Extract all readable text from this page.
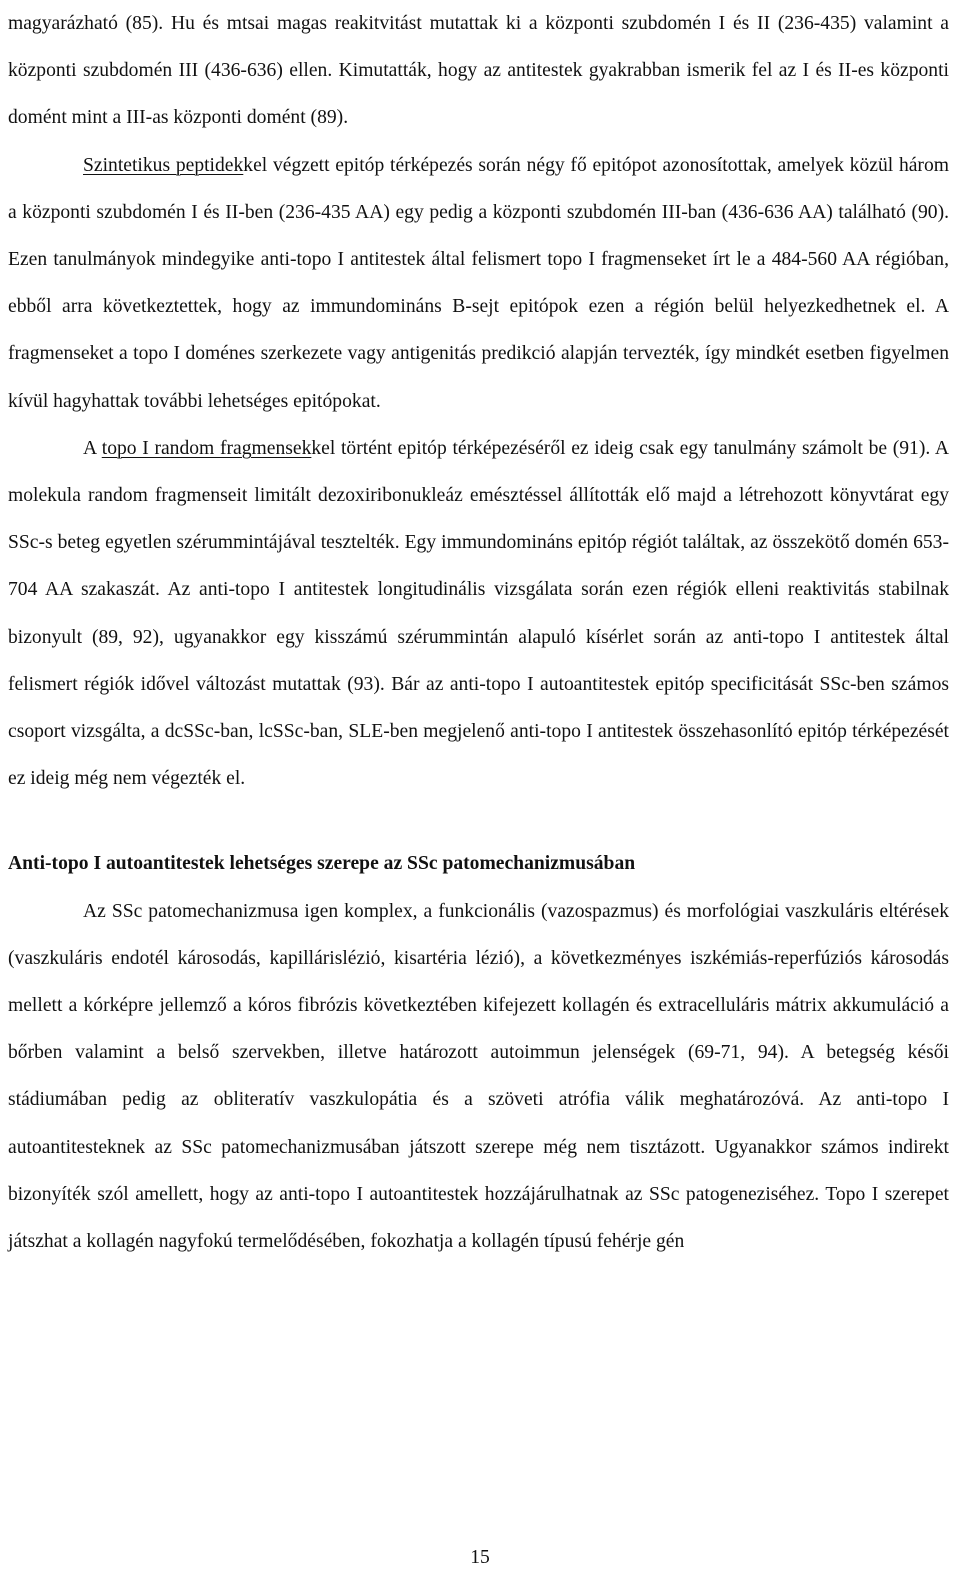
magyarázható (85). Hu és mtsai magas reakitvitást mutattak ki a központi szubdomén I és II (236-435) valamint a központi szubdomén III (436-636) ellen. Kimutatták, hogy az antitestek gyakrabban ismerik fel az I és II-es központi domént mint a III-as központi domént (89).

Szintetikus peptidekkel végzett epitóp térképezés során négy fő epitópot azonosítottak, amelyek közül három a központi szubdomén I és II-ben (236-435 AA) egy pedig a központi szubdomén III-ban (436-636 AA) található (90). Ezen tanulmányok mindegyike anti-topo I antitestek által felismert topo I fragmenseket írt le a 484-560 AA régióban, ebből arra következtettek, hogy az immundomináns B-sejt epitópok ezen a régión belül helyezkedhetnek el. A fragmenseket a topo I doménes szerkezete vagy antigenitás predikció alapján tervezték, így mindkét esetben figyelmen kívül hagyhattak további lehetséges epitópokat.

A topo I random fragmensekkel történt epitóp térképezéséről ez ideig csak egy tanulmány számolt be (91). A molekula random fragmenseit limitált dezoxiribonukleáz emésztéssel állították elő majd a létrehozott könyvtárat egy SSc-s beteg egyetlen szérummintájával tesztelték. Egy immundomináns epitóp régiót találtak, az összekötő domén 653-704 AA szakaszát. Az anti-topo I antitestek longitudinális vizsgálata során ezen régiók elleni reaktivitás stabilnak bizonyult (89, 92), ugyanakkor egy kisszámú szérummintán alapuló kísérlet során az anti-topo I antitestek által felismert régiók idővel változást mutattak (93). Bár az anti-topo I autoantitestek epitóp specificitását SSc-ben számos csoport vizsgálta, a dcSSc-ban, lcSSc-ban, SLE-ben megjelenő anti-topo I antitestek összehasonlító epitóp térképezését ez ideig még nem végezték el.

Anti-topo I autoantitestek lehetséges szerepe az SSc patomechanizmusában

Az SSc patomechanizmusa igen komplex, a funkcionális (vazospazmus) és morfológiai vaszkuláris eltérések (vaszkuláris endotél károsodás, kapillárisléziό, kisartéria lézió), a következményes iszkémiás-reperfúziós károsodás mellett a kórképre jellemző a kóros fibrózis következtében kifejezett kollagén és extracelluláris mátrix akkumuláció a bőrben valamint a belső szervekben, illetve határozott autoimmun jelenségek (69-71, 94). A betegség késői stádiumában pedig az obliteratív vaszkulopátia és a szöveti atrófia válik meghatározóvá. Az anti-topo I autoantitesteknek az SSc patomechanizmusában játszott szerepe még nem tisztázott. Ugyanakkor számos indirekt bizonyíték szól amellett, hogy az anti-topo I autoantitestek hozzájárulhatnak az SSc patogeneziséhez. Topo I szerepet játszhat a kollagén nagyfokú termelődésében, fokozhatja a kollagén típusú fehérje gén

15
